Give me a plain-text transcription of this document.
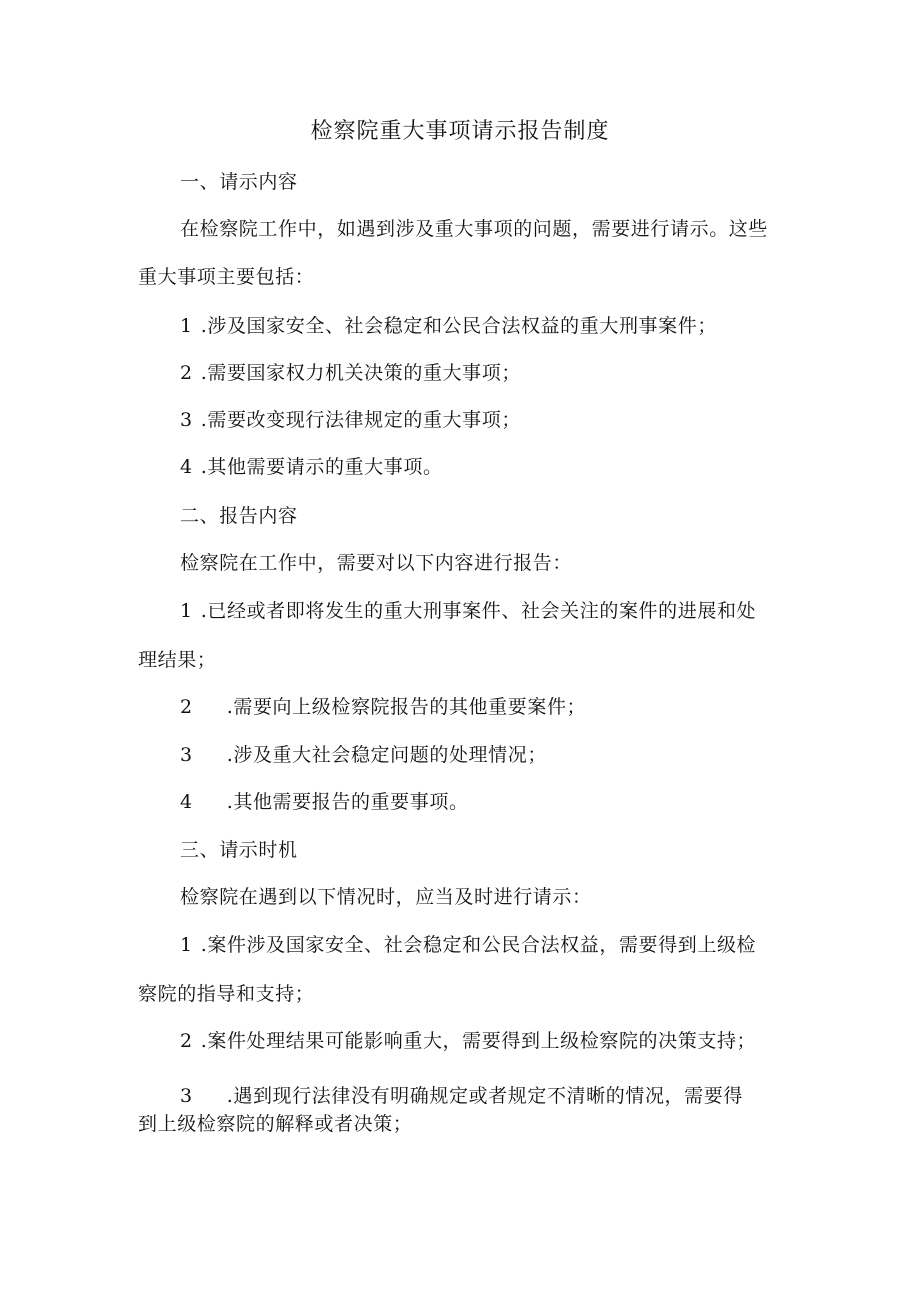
检察院重大事项请示报告制度
一、请示内容
在检察院工作中，如遇到涉及重大事项的问题，需要进行请示。这些
重大事项主要包括：
1 .涉及国家安全、社会稳定和公民合法权益的重大刑事案件；
2 .需要国家权力机关决策的重大事项；
3 .需要改变现行法律规定的重大事项；
4 .其他需要请示的重大事项。
二、报告内容
检察院在工作中，需要对以下内容进行报告：
1 .已经或者即将发生的重大刑事案件、社会关注的案件的进展和处
理结果；
2 .需要向上级检察院报告的其他重要案件；
3 .涉及重大社会稳定问题的处理情况；
4 .其他需要报告的重要事项。
三、请示时机
检察院在遇到以下情况时，应当及时进行请示：
1 .案件涉及国家安全、社会稳定和公民合法权益，需要得到上级检
察院的指导和支持；
2 .案件处理结果可能影响重大，需要得到上级检察院的决策支持；
3 .遇到现行法律没有明确规定或者规定不清晰的情况，需要得
到上级检察院的解释或者决策；
